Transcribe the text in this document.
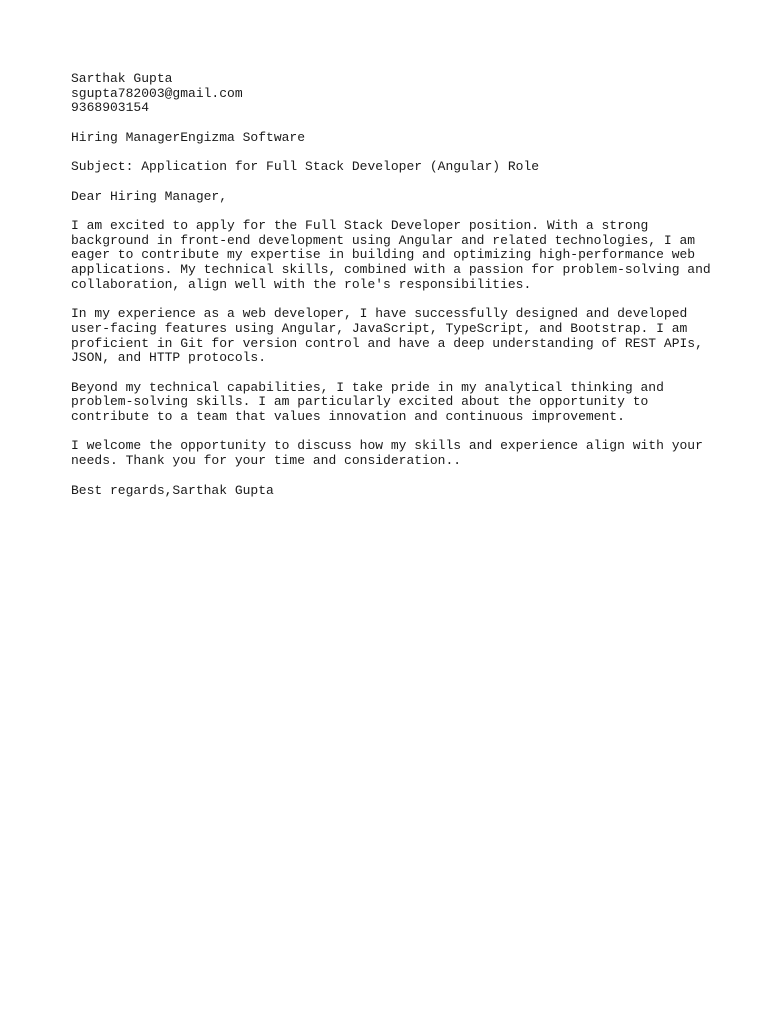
Sarthak Gupta
sgupta782003@gmail.com
9368903154
Hiring ManagerEngizma Software
Subject: Application for Full Stack Developer (Angular) Role
Dear Hiring Manager,
I am excited to apply for the Full Stack Developer position. With a strong
background in front-end development using Angular and related technologies, I am
eager to contribute my expertise in building and optimizing high-performance web
applications. My technical skills, combined with a passion for problem-solving and
collaboration, align well with the role's responsibilities.
In my experience as a web developer, I have successfully designed and developed
user-facing features using Angular, JavaScript, TypeScript, and Bootstrap. I am
proficient in Git for version control and have a deep understanding of REST APIs,
JSON, and HTTP protocols.
Beyond my technical capabilities, I take pride in my analytical thinking and
problem-solving skills. I am particularly excited about the opportunity to
contribute to a team that values innovation and continuous improvement.
I welcome the opportunity to discuss how my skills and experience align with your
needs. Thank you for your time and consideration..
Best regards,Sarthak Gupta
